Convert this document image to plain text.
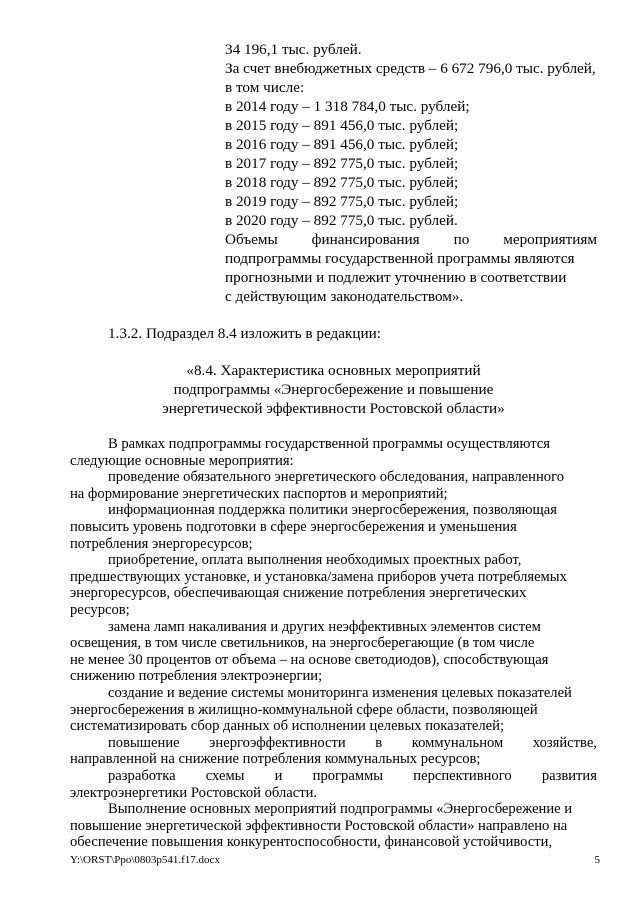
34 196,1 тыс. рублей.
За счет внебюджетных средств – 6 672 796,0 тыс. рублей,
в том числе:
в 2014 году – 1 318 784,0 тыс. рублей;
в 2015 году – 891 456,0 тыс. рублей;
в 2016 году – 891 456,0 тыс. рублей;
в 2017 году – 892 775,0 тыс. рублей;
в 2018 году – 892 775,0 тыс. рублей;
в 2019 году – 892 775,0 тыс. рублей;
в 2020 году – 892 775,0 тыс. рублей.
Объемы финансирования по мероприятиям
подпрограммы государственной программы являются
прогнозными и подлежит уточнению в соответствии
с действующим законодательством».
1.3.2. Подраздел 8.4 изложить в редакции:
«8.4. Характеристика основных мероприятий
подпрограммы «Энергосбережение и повышение
энергетической эффективности Ростовской области»
В рамках подпрограммы государственной программы осуществляются
следующие основные мероприятия:
проведение обязательного энергетического обследования, направленного
на формирование энергетических паспортов и мероприятий;
информационная поддержка политики энергосбережения, позволяющая
повысить уровень подготовки в сфере энергосбережения и уменьшения
потребления энергоресурсов;
приобретение, оплата выполнения необходимых проектных работ,
предшествующих установке, и установка/замена приборов учета потребляемых
энергоресурсов, обеспечивающая снижение потребления энергетических
ресурсов;
замена ламп накаливания и других неэффективных элементов систем
освещения, в том числе светильников, на энергосберегающие (в том числе
не менее 30 процентов от объема – на основе светодиодов), способствующая
снижению потребления электроэнергии;
создание и ведение системы мониторинга изменения целевых показателей
энергосбережения в жилищно-коммунальной сфере области, позволяющей
систематизировать сбор данных об исполнении целевых показателей;
повышение энергоэффективности в коммунальном хозяйстве,
направленной на снижение потребления коммунальных ресурсов;
разработка схемы и программы перспективного развития
Y:\ORST\Ppo\0803p541.f17.docx	5
электроэнергетики Ростовской области.
Выполнение основных мероприятий подпрограммы «Энергосбережение и
повышение энергетической эффективности Ростовской области» направлено на
обеспечение повышения конкурентоспособности, финансовой устойчивости,
